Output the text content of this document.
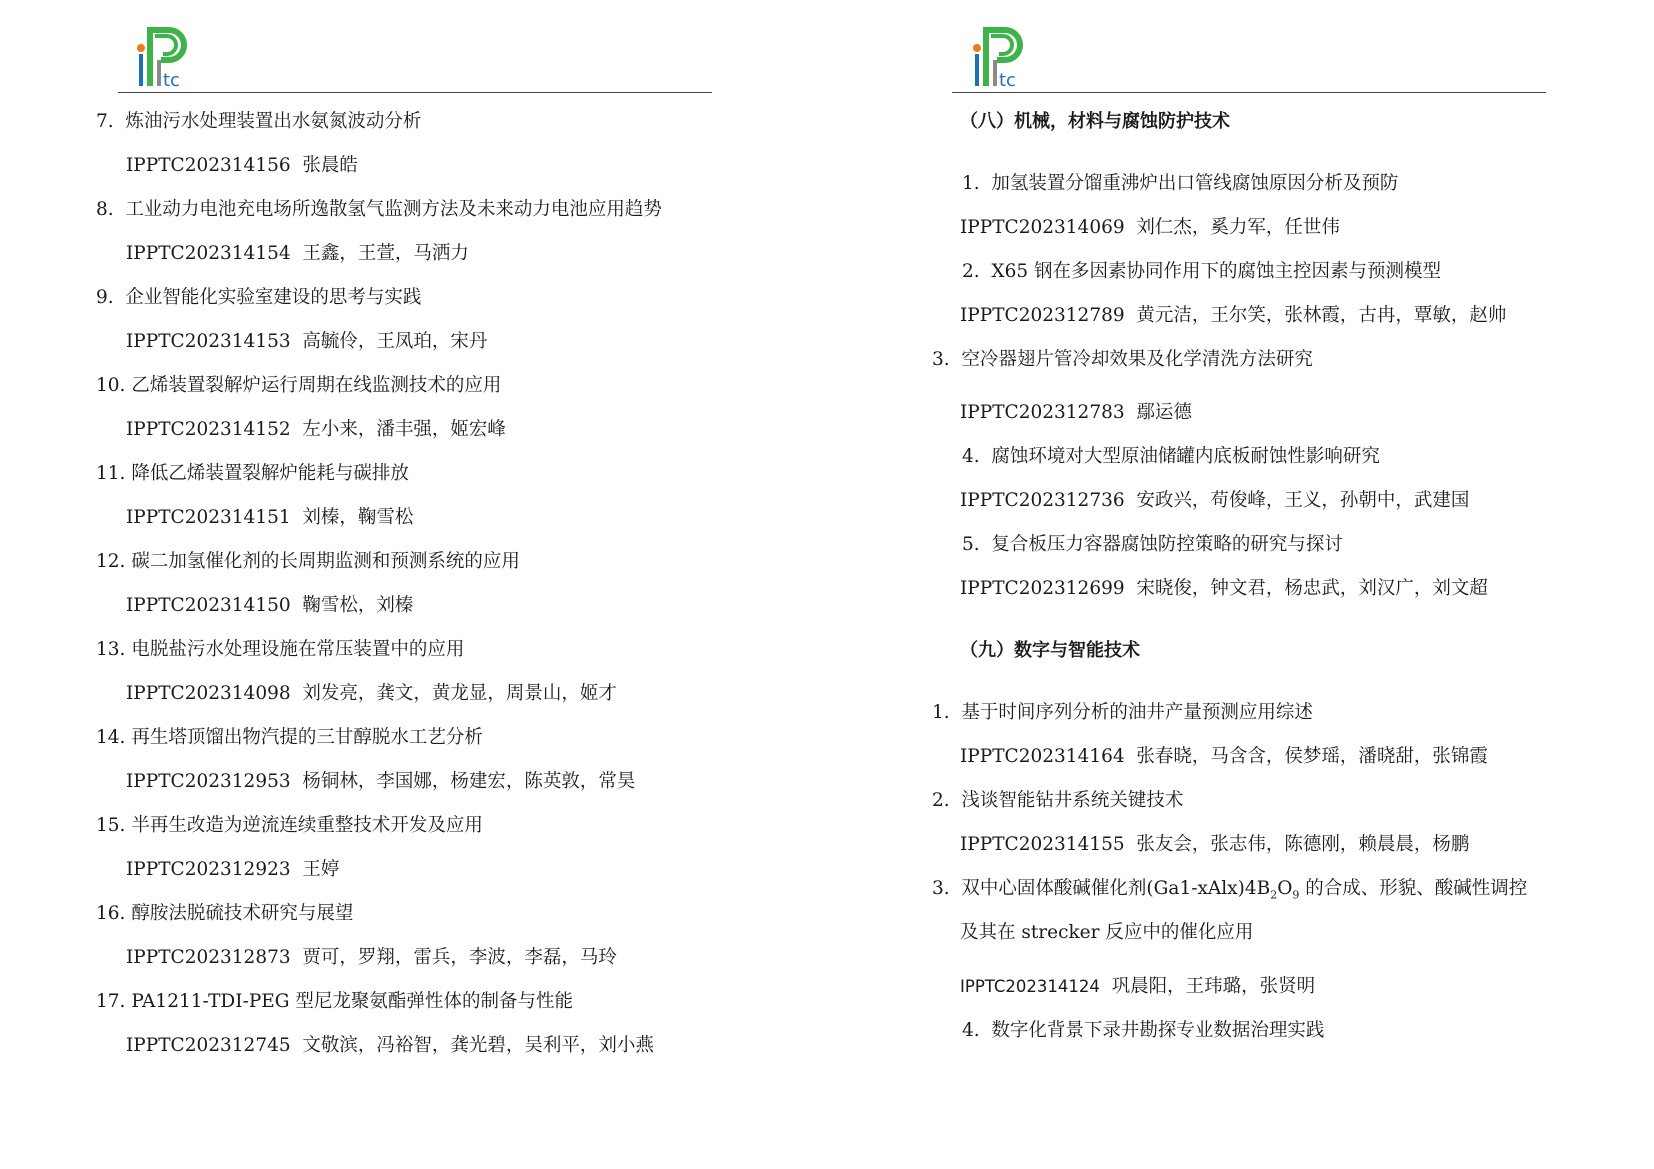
tc
7. 炼油污水处理装置出水氨氮波动分析
IPPTC202314156 张晨皓
8. 工业动力电池充电场所逸散氢气监测方法及未来动力电池应用趋势
IPPTC202314154 王鑫，王萱，马洒力
9. 企业智能化实验室建设的思考与实践
IPPTC202314153 高毓伶，王凤珀，宋丹
10. 乙烯装置裂解炉运行周期在线监测技术的应用
IPPTC202314152 左小来，潘丰强，姬宏峰
11. 降低乙烯装置裂解炉能耗与碳排放
IPPTC202314151 刘榛，鞠雪松
12. 碳二加氢催化剂的长周期监测和预测系统的应用
IPPTC202314150 鞠雪松，刘榛
13. 电脱盐污水处理设施在常压装置中的应用
IPPTC202314098 刘发亮，龚文，黄龙显，周景山，姬才
14. 再生塔顶馏出物汽提的三甘醇脱水工艺分析
IPPTC202312953 杨铜林，李国娜，杨建宏，陈英敦，常昊
15. 半再生改造为逆流连续重整技术开发及应用
IPPTC202312923 王婷
16. 醇胺法脱硫技术研究与展望
IPPTC202312873 贾可，罗翔，雷兵，李波，李磊，马玲
17. PA1211-TDI-PEG 型尼龙聚氨酯弹性体的制备与性能
IPPTC202312745 文敬滨，冯裕智，龚光碧，吴利平，刘小燕
tc
（八）机械，材料与腐蚀防护技术
1. 加氢装置分馏重沸炉出口管线腐蚀原因分析及预防
IPPTC202314069 刘仁杰，奚力军，任世伟
2. X65 钢在多因素协同作用下的腐蚀主控因素与预测模型
IPPTC202312789 黄元洁，王尔笑，张林霞，古冉，覃敏，赵帅
3. 空冷器翅片管冷却效果及化学清洗方法研究
IPPTC202312783 鄢运德
4. 腐蚀环境对大型原油储罐内底板耐蚀性影响研究
IPPTC202312736 安政兴，苟俊峰，王义，孙朝中，武建国
5. 复合板压力容器腐蚀防控策略的研究与探讨
IPPTC202312699 宋晓俊，钟文君，杨忠武，刘汉广，刘文超
（九）数字与智能技术
1. 基于时间序列分析的油井产量预测应用综述
IPPTC202314164 张春晓，马含含，侯梦瑶，潘晓甜，张锦霞
2. 浅谈智能钻井系统关键技术
IPPTC202314155 张友会，张志伟，陈德刚，赖晨晨，杨鹏
3. 双中心固体酸碱催化剂$(Ga1-xAlx)4B_2O_9$ 的合成、形貌、酸碱性调控
及其在 strecker 反应中的催化应用
IPPTC202314124 巩晨阳，王玮璐，张贤明
4. 数字化背景下录井勘探专业数据治理实践
